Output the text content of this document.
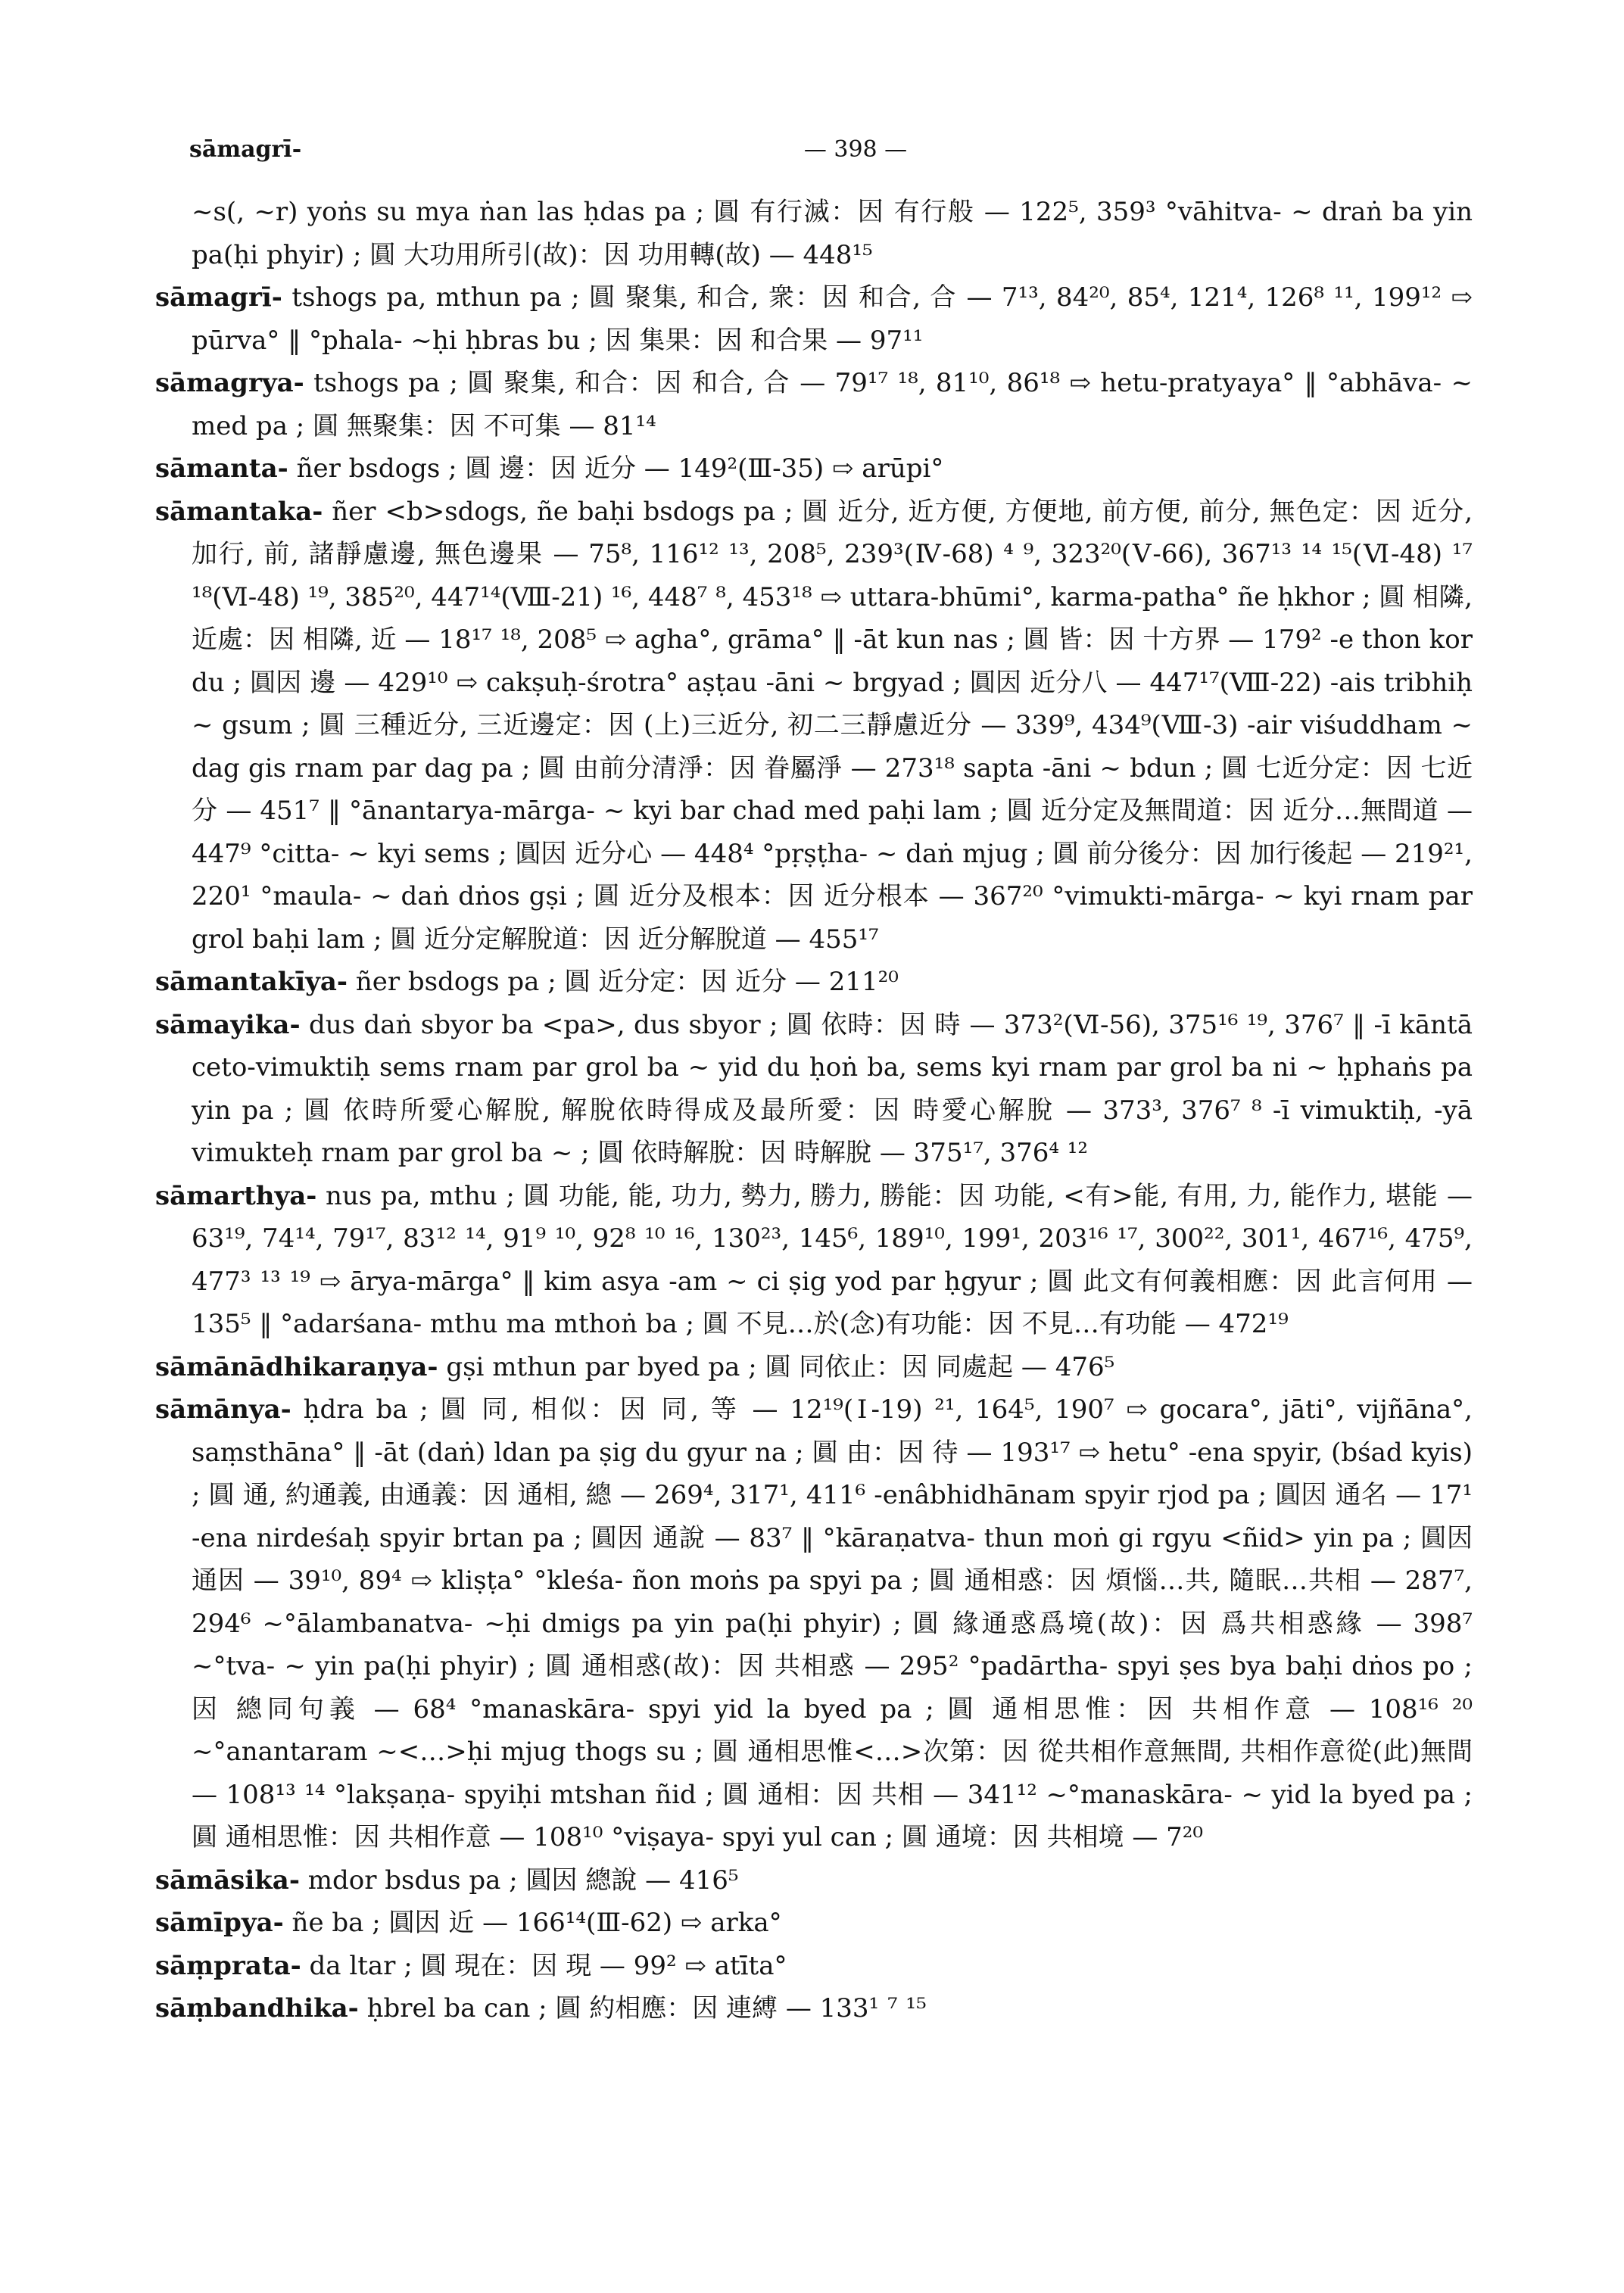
sāmagrī-	— 398 —

~s(, ~r) yoṅs su mya ṅan las ḥdas pa ; 圓 有行滅：因 有行般 — 122⁵, 359³ °vāhitva- ~ draṅ ba yin pa(ḥi phyir) ; 圓 大功用所引(故)：因 功用轉(故) — 448¹⁵

sāmagrī- tshogs pa, mthun pa ; 圓 聚集, 和合, 衆：因 和合, 合 — 7¹³, 84²⁰, 85⁴, 121⁴, 126⁸ ¹¹, 199¹² ⇨ pūrva° ‖ °phala- ~ḥi ḥbras bu ; 因 集果：因 和合果 — 97¹¹

sāmagrya- tshogs pa ; 圓 聚集, 和合：因 和合, 合 — 79¹⁷ ¹⁸, 81¹⁰, 86¹⁸ ⇨ hetu-pratyaya° ‖ °abhāva- ~ med pa ; 圓 無聚集：因 不可集 — 81¹⁴

sāmanta- ñer bsdogs ; 圓 邊：因 近分 — 149²(Ⅲ-35) ⇨ arūpi°

sāmantaka- ñer <b>sdogs, ñe baḥi bsdogs pa ; 圓 近分, 近方便, 方便地, 前方便, 前分, 無色定：因 近分, 加行, 前, 諸靜慮邊, 無色邊果 — 75⁸, 116¹² ¹³, 208⁵, 239³(Ⅳ-68) ⁴ ⁹, 323²⁰(Ⅴ-66), 367¹³ ¹⁴ ¹⁵(Ⅵ-48) ¹⁷ ¹⁸(Ⅵ-48) ¹⁹, 385²⁰, 447¹⁴(Ⅷ-21) ¹⁶, 448⁷ ⁸, 453¹⁸ ⇨ uttara-bhūmi°, karma-patha° ñe ḥkhor ; 圓 相隣, 近處：因 相隣, 近 — 18¹⁷ ¹⁸, 208⁵ ⇨ agha°, grāma° ‖ -āt kun nas ; 圓 皆：因 十方界 — 179² -e thon kor du ; 圓因 邊 — 429¹⁰ ⇨ cakṣuḥ-śrotra° aṣṭau -āni ~ brgyad ; 圓因 近分八 — 447¹⁷(Ⅷ-22) -ais tribhiḥ ~ gsum ; 圓 三種近分, 三近邊定：因 (上)三近分, 初二三靜慮近分 — 339⁹, 434⁹(Ⅷ-3) -air viśuddham ~ dag gis rnam par dag pa ; 圓 由前分清淨：因 眷屬淨 — 273¹⁸ sapta -āni ~ bdun ; 圓 七近分定：因 七近分 — 451⁷ ‖ °ānantarya-mārga- ~ kyi bar chad med paḥi lam ; 圓 近分定及無間道：因 近分…無間道 — 447⁹ °citta- ~ kyi sems ; 圓因 近分心 — 448⁴ °pṛṣṭha- ~ daṅ mjug ; 圓 前分後分：因 加行後起 — 219²¹, 220¹ °maula- ~ daṅ dṅos gṣi ; 圓 近分及根本：因 近分根本 — 367²⁰ °vimukti-mārga- ~ kyi rnam par grol baḥi lam ; 圓 近分定解脫道：因 近分解脫道 — 455¹⁷

sāmantakīya- ñer bsdogs pa ; 圓 近分定：因 近分 — 211²⁰

sāmayika- dus daṅ sbyor ba <pa>, dus sbyor ; 圓 依時：因 時 — 373²(Ⅵ-56), 375¹⁶ ¹⁹, 376⁷ ‖ -ī kāntā ceto-vimuktiḥ sems rnam par grol ba ~ yid du ḥoṅ ba, sems kyi rnam par grol ba ni ~ ḥphaṅs pa yin pa ; 圓 依時所愛心解脫, 解脫依時得成及最所愛：因 時愛心解脫 — 373³, 376⁷ ⁸ -ī vimuktiḥ, -yā vimukteḥ rnam par grol ba ~ ; 圓 依時解脫：因 時解脫 — 375¹⁷, 376⁴ ¹²

sāmarthya- nus pa, mthu ; 圓 功能, 能, 功力, 勢力, 勝力, 勝能：因 功能, <有>能, 有用, 力, 能作力, 堪能 — 63¹⁹, 74¹⁴, 79¹⁷, 83¹² ¹⁴, 91⁹ ¹⁰, 92⁸ ¹⁰ ¹⁶, 130²³, 145⁶, 189¹⁰, 199¹, 203¹⁶ ¹⁷, 300²², 301¹, 467¹⁶, 475⁹, 477³ ¹³ ¹⁹ ⇨ ārya-mārga° ‖ kim asya -am ~ ci ṣig yod par ḥgyur ; 圓 此文有何義相應：因 此言何用 — 135⁵ ‖ °adarśana- mthu ma mthoṅ ba ; 圓 不見…於(念)有功能：因 不見…有功能 — 472¹⁹

sāmānādhikaraṇya- gṣi mthun par byed pa ; 圓 同依止：因 同處起 — 476⁵

sāmānya- ḥdra ba ; 圓 同, 相似：因 同, 等 — 12¹⁹(Ⅰ-19) ²¹, 164⁵, 190⁷ ⇨ gocara°, jāti°, vijñāna°, saṃsthāna° ‖ -āt (daṅ) ldan pa ṣig du gyur na ; 圓 由：因 待 — 193¹⁷ ⇨ hetu° -ena spyir, (bśad kyis) ; 圓 通, 約通義, 由通義：因 通相, 總 — 269⁴, 317¹, 411⁶ -enâbhidhānam spyir rjod pa ; 圓因 通名 — 17¹ -ena nirdeśaḥ spyir brtan pa ; 圓因 通說 — 83⁷ ‖ °kāraṇatva- thun moṅ gi rgyu <ñid> yin pa ; 圓因 通因 — 39¹⁰, 89⁴ ⇨ kliṣṭa° °kleśa- ñon moṅs pa spyi pa ; 圓 通相惑：因 煩惱…共, 隨眠…共相 — 287⁷, 294⁶ ~°ālambanatva- ~ḥi dmigs pa yin pa(ḥi phyir) ; 圓 緣通惑爲境(故)：因 爲共相惑緣 — 398⁷ ~°tva- ~ yin pa(ḥi phyir) ; 圓 通相惑(故)：因 共相惑 — 295² °padārtha- spyi ṣes bya baḥi dṅos po ; 因 總同句義 — 68⁴ °manaskāra- spyi yid la byed pa ; 圓 通相思惟：因 共相作意 — 108¹⁶ ²⁰ ~°anantaram ~<…>ḥi mjug thogs su ; 圓 通相思惟<…>次第：因 從共相作意無間, 共相作意從(此)無間 — 108¹³ ¹⁴ °lakṣaṇa- spyiḥi mtshan ñid ; 圓 通相：因 共相 — 341¹² ~°manaskāra- ~ yid la byed pa ; 圓 通相思惟：因 共相作意 — 108¹⁰ °viṣaya- spyi yul can ; 圓 通境：因 共相境 — 7²⁰

sāmāsika- mdor bsdus pa ; 圓因 總說 — 416⁵

sāmīpya- ñe ba ; 圓因 近 — 166¹⁴(Ⅲ-62) ⇨ arka°

sāṃprata- da ltar ; 圓 現在：因 現 — 99² ⇨ atīta°

sāṃbandhika- ḥbrel ba can ; 圓 約相應：因 連縛 — 133¹ ⁷ ¹⁵
